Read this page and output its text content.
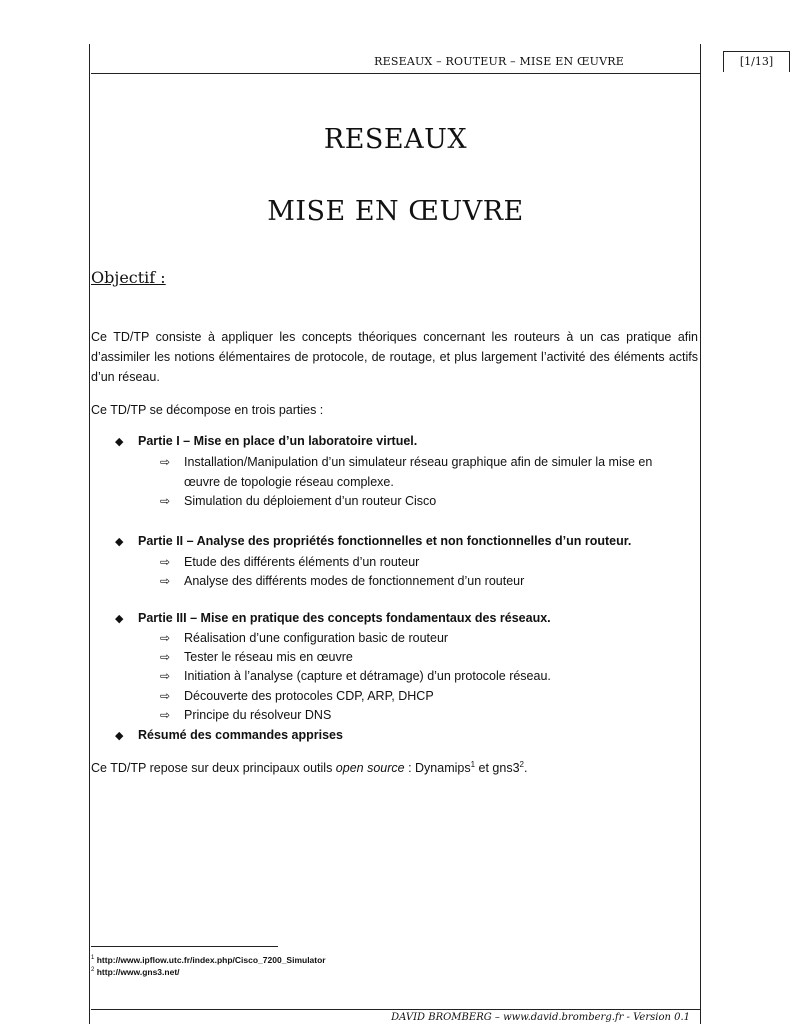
RESEAUX – ROUTEUR – MISE EN ŒUVRE	[1/13]
RESEAUX
MISE EN ŒUVRE
Objectif :
Ce TD/TP consiste à appliquer les concepts théoriques concernant les routeurs à un cas pratique afin d’assimiler les notions élémentaires de protocole, de routage, et plus largement l’activité des éléments actifs d’un réseau.
Ce TD/TP se décompose en trois parties :
◆ Partie I – Mise en place d’un laboratoire virtuel.
⇨ Installation/Manipulation d’un simulateur réseau graphique afin de simuler la mise en
œuvre de topologie réseau complexe.
⇨ Simulation du déploiement d’un routeur Cisco
◆ Partie II – Analyse des propriétés fonctionnelles et non fonctionnelles d’un routeur.
⇨ Etude des différents éléments d’un routeur
⇨ Analyse des différents modes de fonctionnement d’un routeur
◆ Partie III – Mise en pratique des concepts fondamentaux des réseaux.
⇨ Réalisation d’une configuration basic de routeur
⇨ Tester le réseau mis en œuvre
⇨ Initiation à l’analyse (capture et détramage) d’un protocole réseau.
⇨ Découverte des protocoles CDP, ARP, DHCP
⇨ Principe du résolveur DNS
◆ Résumé des commandes apprises
Ce TD/TP repose sur deux principaux outils open source : Dynamips$^1$ et $gns3^2$.
$^1$ http://www.ipflow.utc.fr/index.php/Cisco_7200_Simulator
$^2$ http://www.gns3.net/
DAVID BROMBERG – www.david.bromberg.fr - Version 0.1
